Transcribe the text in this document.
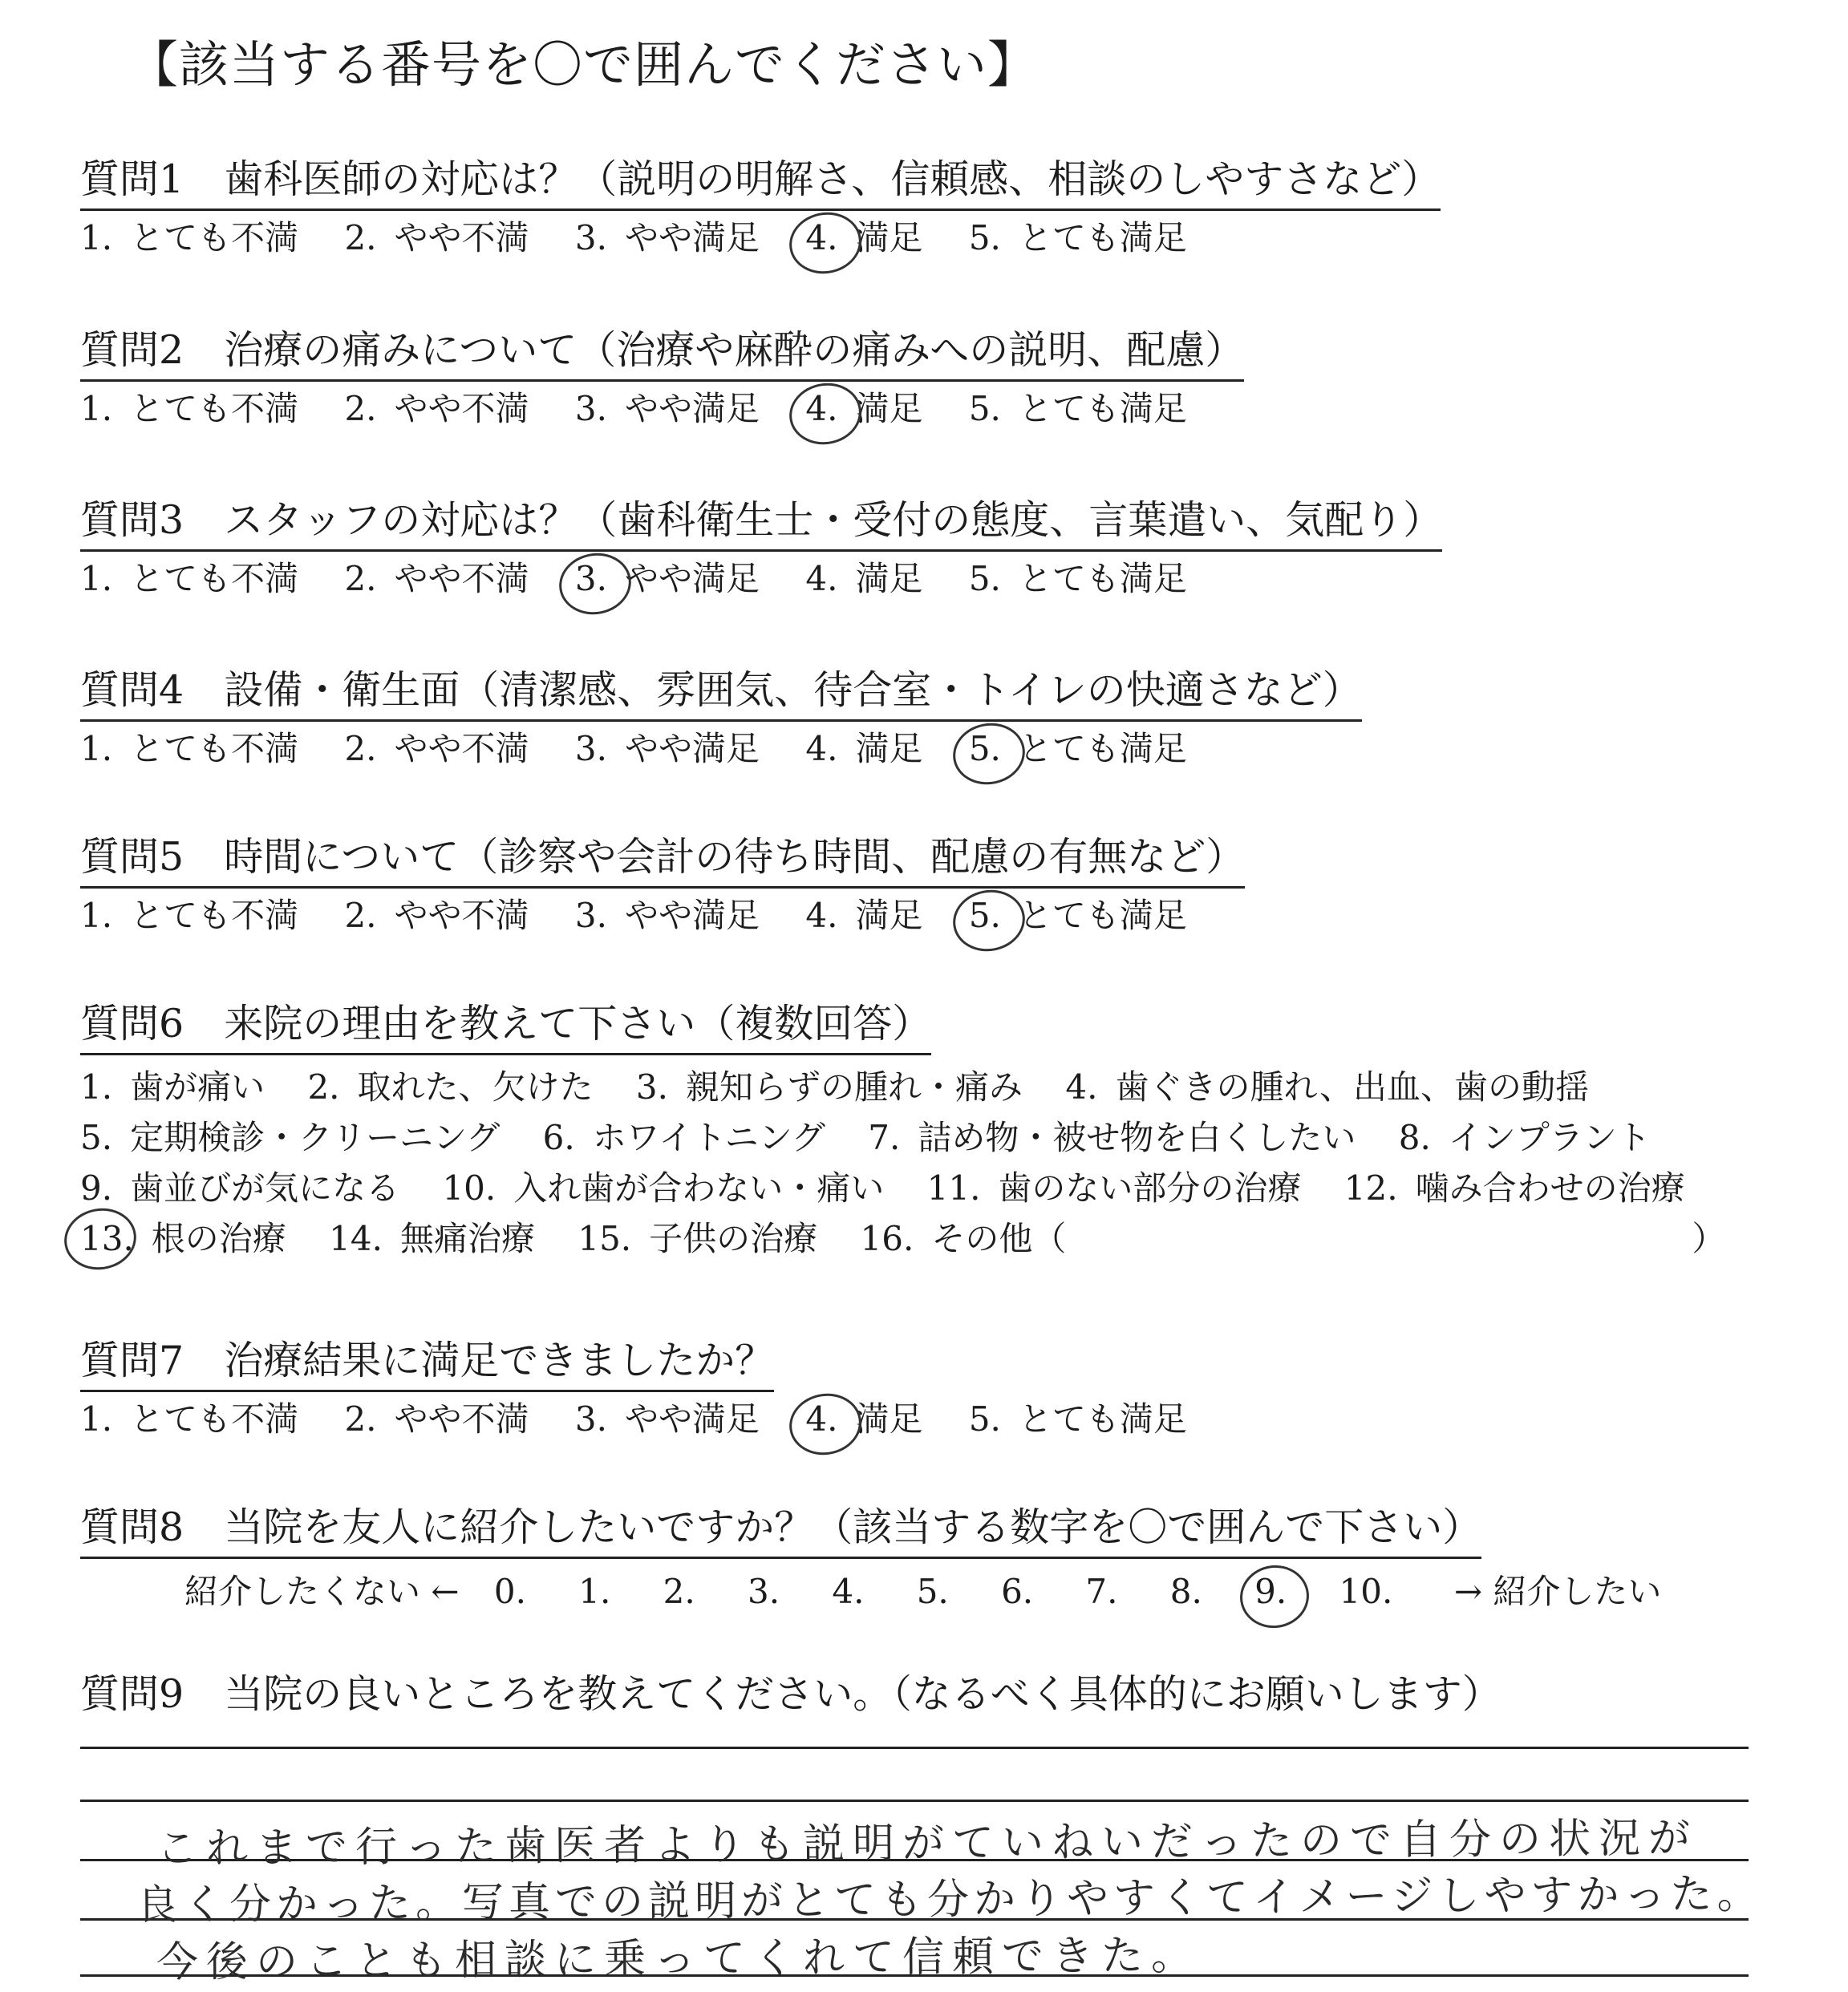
【該当する番号を〇で囲んでください】
質問1 歯科医師の対応は？（説明の明解さ、信頼感、相談のしやすさなど）
1. とても不満 2. やや不満 3. やや満足 4. 満足 5. とても満足
質問2 治療の痛みについて（治療や麻酔の痛みへの説明、配慮）
1. とても不満 2. やや不満 3. やや満足 4. 満足 5. とても満足
質問3 スタッフの対応は？（歯科衛生士・受付の態度、言葉遣い、気配り）
1. とても不満 2. やや不満 3. やや満足 4. 満足 5. とても満足
質問4 設備・衛生面（清潔感、雰囲気、待合室・トイレの快適さなど）
1. とても不満 2. やや不満 3. やや満足 4. 満足 5. とても満足
質問5 時間について（診察や会計の待ち時間、配慮の有無など）
1. とても不満 2. やや不満 3. やや満足 4. 満足 5. とても満足
質問6 来院の理由を教えて下さい（複数回答）
1. 歯が痛い 2. 取れた、欠けた 3. 親知らずの腫れ・痛み 4. 歯ぐきの腫れ、出血、歯の動揺
5. 定期検診・クリーニング 6. ホワイトニング 7. 詰め物・被せ物を白くしたい 8. インプラント
9. 歯並びが気になる 10. 入れ歯が合わない・痛い 11. 歯のない部分の治療 12. 噛み合わせの治療
13. 根の治療 14. 無痛治療 15. 子供の治療 16. その他（	）
質問7 治療結果に満足できましたか？
1. とても不満 2. やや不満 3. やや満足 4. 満足 5. とても満足
質問8 当院を友人に紹介したいですか？（該当する数字を〇で囲んで下さい）
紹介したくない ← 0. 1. 2. 3. 4. 5. 6. 7. 8. 9. 10. → 紹介したい
質問9 当院の良いところを教えてください。（なるべく具体的にお願いします）
これまで行った歯医者よりも説明がていねいだったので自分の状況が
良く分かった。写真での説明がとても分かりやすくてイメージしやすかった。
今後のことも相談に乗ってくれて信頼できた。
